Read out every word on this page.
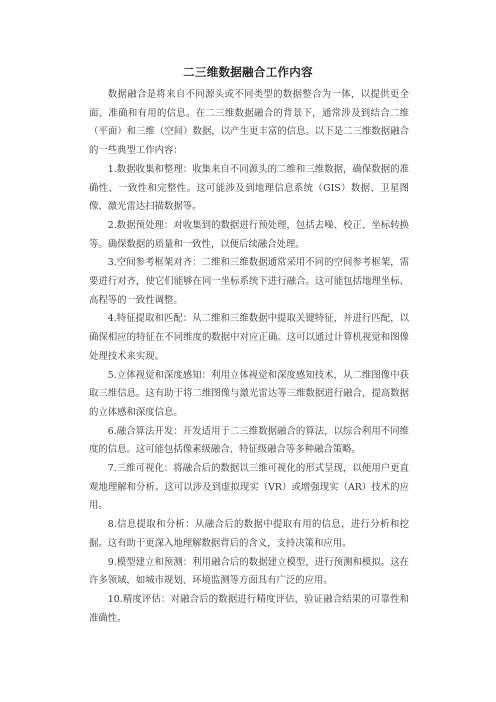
二三维数据融合工作内容

数据融合是将来自不同源头或不同类型的数据整合为一体，以提供更全面、准确和有用的信息。在二三维数据融合的背景下，通常涉及到结合二维（平面）和三维（空间）数据，以产生更丰富的信息。以下是二三维数据融合的一些典型工作内容：

1.数据收集和整理：收集来自不同源头的二维和三维数据，确保数据的准确性、一致性和完整性。这可能涉及到地理信息系统（GIS）数据、卫星图像、激光雷达扫描数据等。

2.数据预处理：对收集到的数据进行预处理，包括去噪、校正、坐标转换等。确保数据的质量和一致性，以便后续融合处理。

3.空间参考框架对齐：二维和三维数据通常采用不同的空间参考框架，需要进行对齐，使它们能够在同一坐标系统下进行融合。这可能包括地理坐标、高程等的一致性调整。

4.特征提取和匹配：从二维和三维数据中提取关键特征，并进行匹配，以确保相应的特征在不同维度的数据中对应正确。这可以通过计算机视觉和图像处理技术来实现。

5.立体视觉和深度感知：利用立体视觉和深度感知技术，从二维图像中获取三维信息。这有助于将二维图像与激光雷达等三维数据进行融合，提高数据的立体感和深度信息。

6.融合算法开发：开发适用于二三维数据融合的算法，以综合利用不同维度的信息。这可能包括像素级融合、特征级融合等多种融合策略。

7.三维可视化：将融合后的数据以三维可视化的形式呈现，以便用户更直观地理解和分析。这可以涉及到虚拟现实（VR）或增强现实（AR）技术的应用。

8.信息提取和分析：从融合后的数据中提取有用的信息，进行分析和挖掘。这有助于更深入地理解数据背后的含义，支持决策和应用。

9.模型建立和预测：利用融合后的数据建立模型，进行预测和模拟。这在许多领域，如城市规划、环境监测等方面具有广泛的应用。

10.精度评估：对融合后的数据进行精度评估，验证融合结果的可靠性和准确性。
